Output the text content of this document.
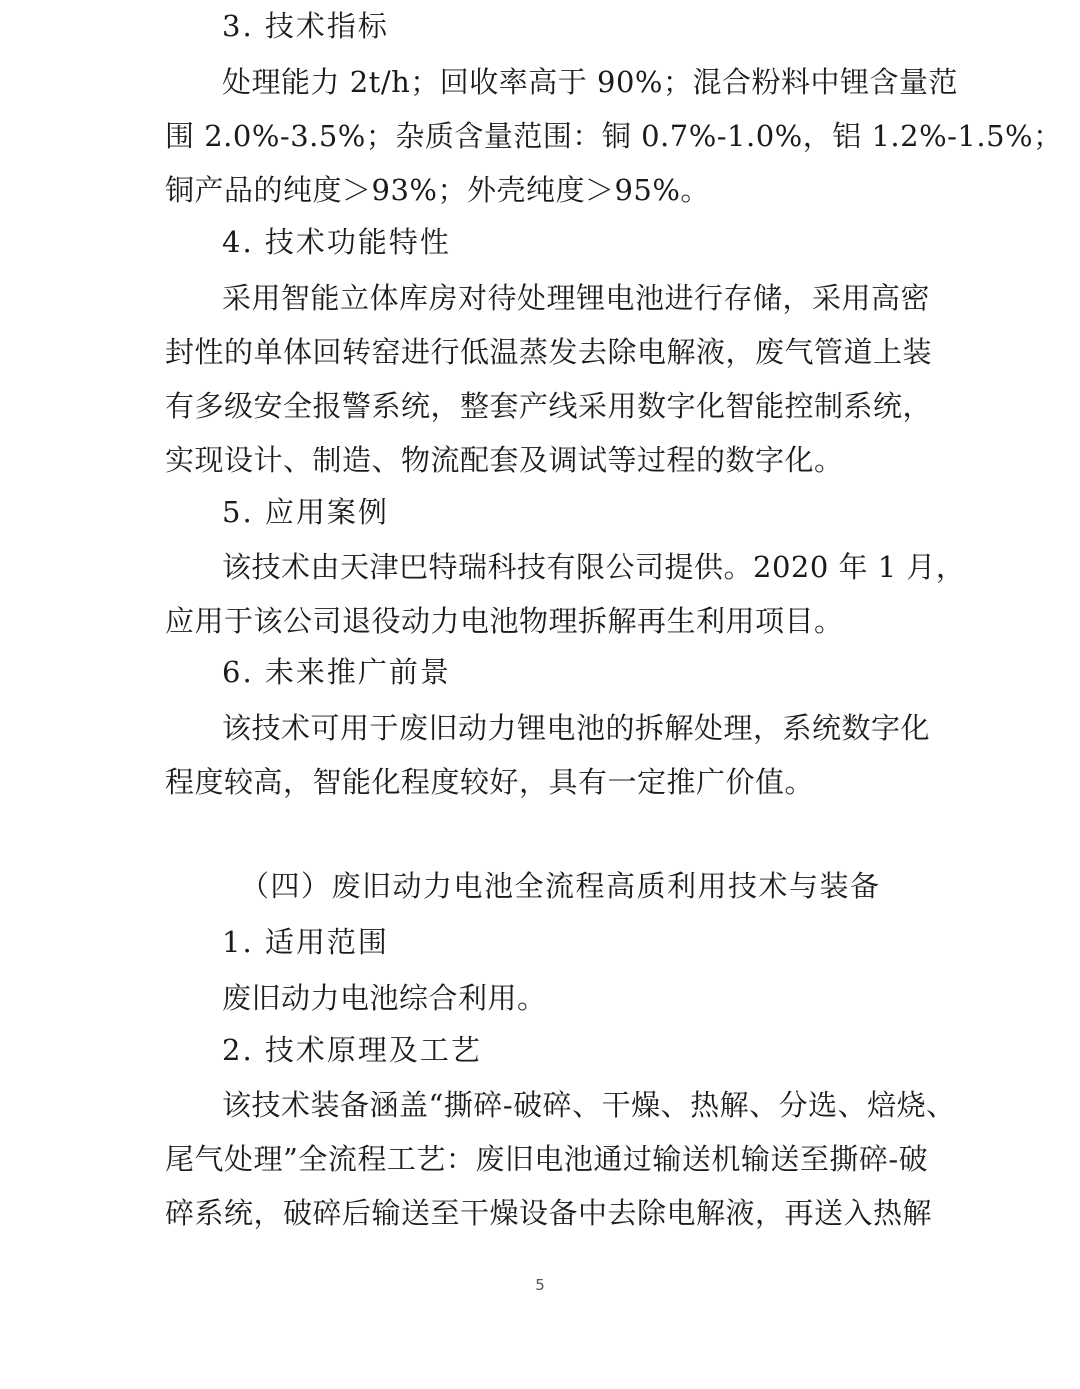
3. 技术指标
处理能力 2t/h；回收率高于 90%；混合粉料中锂含量范
围 2.0%-3.5%；杂质含量范围：铜 0.7%-1.0%，铝 1.2%-1.5%；
铜产品的纯度＞93%；外壳纯度＞95%。
4. 技术功能特性
采用智能立体库房对待处理锂电池进行存储，采用高密
封性的单体回转窑进行低温蒸发去除电解液，废气管道上装
有多级安全报警系统，整套产线采用数字化智能控制系统，
实现设计、制造、物流配套及调试等过程的数字化。
5. 应用案例
该技术由天津巴特瑞科技有限公司提供。2020 年 1 月，
应用于该公司退役动力电池物理拆解再生利用项目。
6. 未来推广前景
该技术可用于废旧动力锂电池的拆解处理，系统数字化
程度较高，智能化程度较好，具有一定推广价值。
（四）废旧动力电池全流程高质利用技术与装备
1. 适用范围
废旧动力电池综合利用。
2. 技术原理及工艺
该技术装备涵盖“撕碎-破碎、干燥、热解、分选、焙烧、
尾气处理”全流程工艺：废旧电池通过输送机输送至撕碎-破
碎系统，破碎后输送至干燥设备中去除电解液，再送入热解
5
